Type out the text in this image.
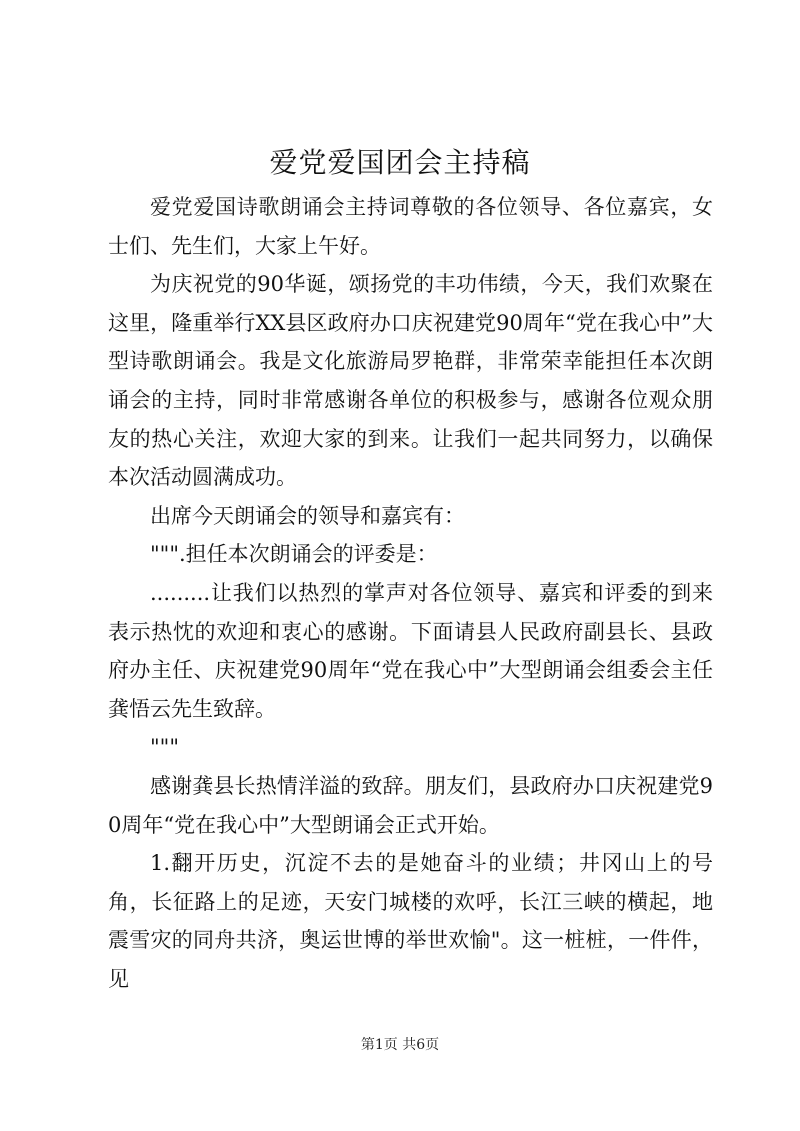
爱党爱国团会主持稿

爱党爱国诗歌朗诵会主持词尊敬的各位领导、各位嘉宾，女士们、先生们，大家上午好。

为庆祝党的90华诞，颂扬党的丰功伟绩，今天，我们欢聚在这里，隆重举行XX县区政府办口庆祝建党90周年“党在我心中”大型诗歌朗诵会。我是文化旅游局罗艳群，非常荣幸能担任本次朗诵会的主持，同时非常感谢各单位的积极参与，感谢各位观众朋友的热心关注，欢迎大家的到来。让我们一起共同努力，以确保本次活动圆满成功。

出席今天朗诵会的领导和嘉宾有：

""".担任本次朗诵会的评委是：

.........让我们以热烈的掌声对各位领导、嘉宾和评委的到来表示热忱的欢迎和衷心的感谢。下面请县人民政府副县长、县政府办主任、庆祝建党90周年“党在我心中”大型朗诵会组委会主任龚悟云先生致辞。

"""

感谢龚县长热情洋溢的致辞。朋友们，县政府办口庆祝建党90周年“党在我心中”大型朗诵会正式开始。

1.翻开历史，沉淀不去的是她奋斗的业绩；井冈山上的号角，长征路上的足迹，天安门城楼的欢呼，长江三峡的横起，地震雪灾的同舟共济，奥运世博的举世欢愉"。这一桩桩，一件件，见

第1页 共6页
